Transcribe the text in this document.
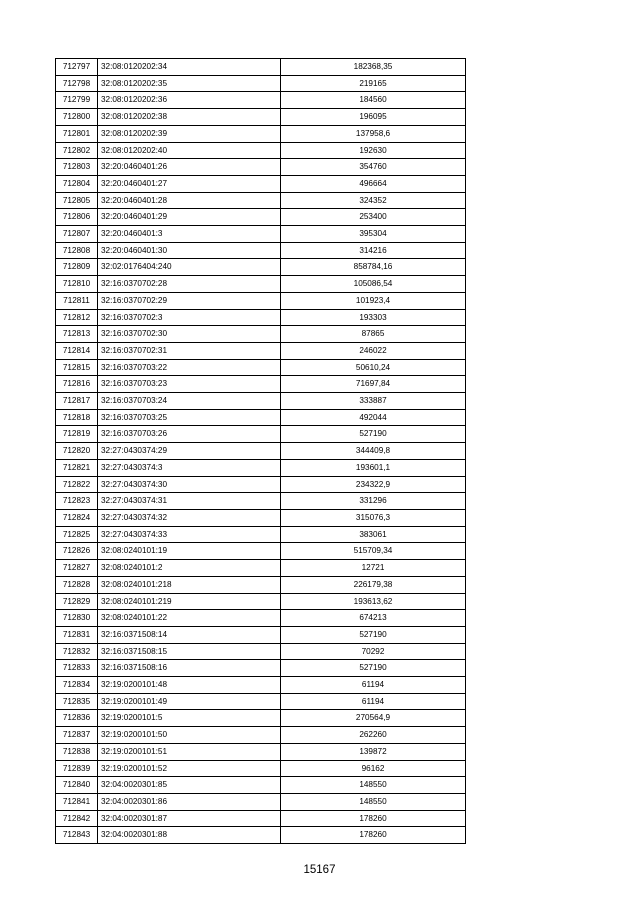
712797	32:08:0120202:34	182368,35
712798	32:08:0120202:35	219165
712799	32:08:0120202:36	184560
712800	32:08:0120202:38	196095
712801	32:08:0120202:39	137958,6
712802	32:08:0120202:40	192630
712803	32:20:0460401:26	354760
712804	32:20:0460401:27	496664
712805	32:20:0460401:28	324352
712806	32:20:0460401:29	253400
712807	32:20:0460401:3	395304
712808	32:20:0460401:30	314216
712809	32:02:0176404:240	858784,16
712810	32:16:0370702:28	105086,54
712811	32:16:0370702:29	101923,4
712812	32:16:0370702:3	193303
712813	32:16:0370702:30	87865
712814	32:16:0370702:31	246022
712815	32:16:0370703:22	50610,24
712816	32:16:0370703:23	71697,84
712817	32:16:0370703:24	333887
712818	32:16:0370703:25	492044
712819	32:16:0370703:26	527190
712820	32:27:0430374:29	344409,8
712821	32:27:0430374:3	193601,1
712822	32:27:0430374:30	234322,9
712823	32:27:0430374:31	331296
712824	32:27:0430374:32	315076,3
712825	32:27:0430374:33	383061
712826	32:08:0240101:19	515709,34
712827	32:08:0240101:2	12721
712828	32:08:0240101:218	226179,38
712829	32:08:0240101:219	193613,62
712830	32:08:0240101:22	674213
712831	32:16:0371508:14	527190
712832	32:16:0371508:15	70292
712833	32:16:0371508:16	527190
712834	32:19:0200101:48	61194
712835	32:19:0200101:49	61194
712836	32:19:0200101:5	270564,9
712837	32:19:0200101:50	262260
712838	32:19:0200101:51	139872
712839	32:19:0200101:52	96162
712840	32:04:0020301:85	148550
712841	32:04:0020301:86	148550
712842	32:04:0020301:87	178260
712843	32:04:0020301:88	178260
15167
